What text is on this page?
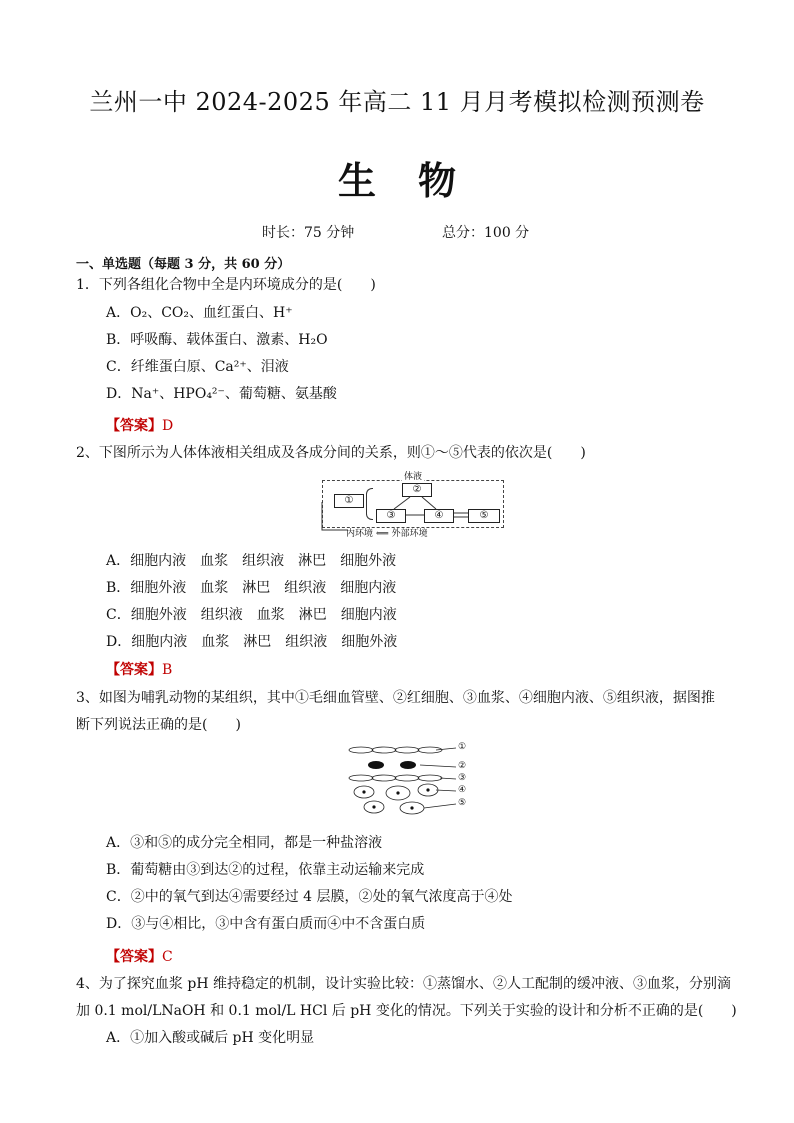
兰州一中 2024-2025 年高二 11 月月考模拟检测预测卷
生物
时长：75 分钟	总分：100 分
一、单选题（每题 3 分，共 60 分）
1．下列各组化合物中全是内环境成分的是(　　)
A．O₂、CO₂、血红蛋白、H⁺
B．呼吸酶、载体蛋白、激素、H₂O
C．纤维蛋白原、Ca²⁺、泪液
D．Na⁺、HPO₄²⁻、葡萄糖、氨基酸
【答案】D
2、下图所示为人体体液相关组成及各成分间的关系，则①～⑤代表的依次是(　　)
体液
①
②
③	④	⑤
内环境 ⟸ 外部环境
A．细胞内液　血浆　组织液　淋巴　细胞外液
B．细胞外液　血浆　淋巴　组织液　细胞内液
C．细胞外液　组织液　血浆　淋巴　细胞内液
D．细胞内液　血浆　淋巴　组织液　细胞外液
【答案】B
3、如图为哺乳动物的某组织，其中①毛细血管壁、②红细胞、③血浆、④细胞内液、⑤组织液，据图推
断下列说法正确的是(　　)
①
②
③
④
⑤
A．③和⑤的成分完全相同，都是一种盐溶液
B．葡萄糖由③到达②的过程，依靠主动运输来完成
C．②中的氧气到达④需要经过 4 层膜，②处的氧气浓度高于④处
D．③与④相比，③中含有蛋白质而④中不含蛋白质
【答案】C
4、为了探究血浆 pH 维持稳定的机制，设计实验比较：①蒸馏水、②人工配制的缓冲液、③血浆，分别滴
加 0.1 mol/LNaOH 和 0.1 mol/L HCl 后 pH 变化的情况。下列关于实验的设计和分析不正确的是(　　)
A．①加入酸或碱后 pH 变化明显
